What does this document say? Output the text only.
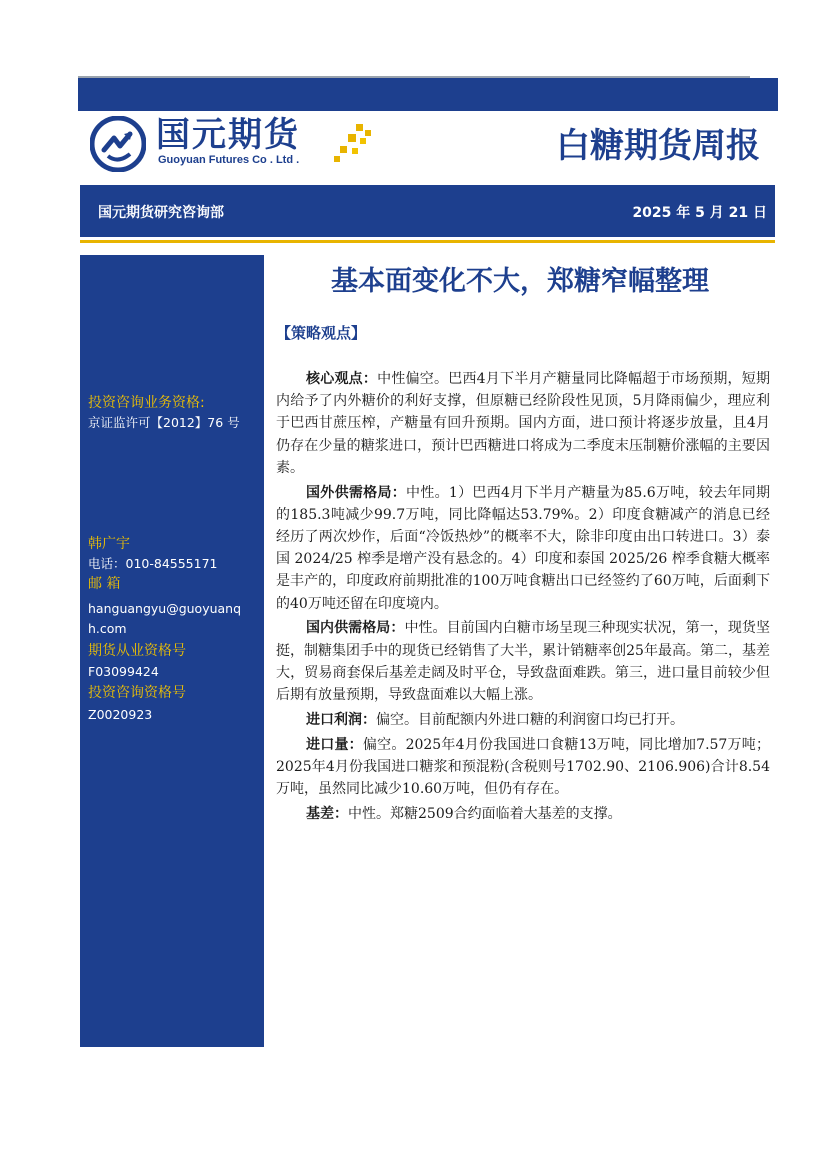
国元期货
Guoyuan Futures Co . Ltd .	白糖期货周报
国元期货研究咨询部	2025 年 5 月 21 日
投资咨询业务资格:
京证监许可【2012】76 号
韩广宇
电话：010-84555171
邮 箱
hanguangyu@guoyuanq
h.com
期货从业资格号
F03099424
投资咨询资格号
Z0020923
基本面变化不大，郑糖窄幅整理
【策略观点】

核心观点：中性偏空。巴西4月下半月产糖量同比降幅超于市场预期，短期内给予了内外糖价的利好支撑，但原糖已经阶段性见顶，5月降雨偏少，理应利于巴西甘蔗压榨，产糖量有回升预期。国内方面，进口预计将逐步放量，且4月仍存在少量的糖浆进口，预计巴西糖进口将成为二季度末压制糖价涨幅的主要因素。

国外供需格局：中性。1）巴西4月下半月产糖量为85.6万吨，较去年同期的185.3吨减少99.7万吨，同比降幅达53.79%。2）印度食糖减产的消息已经经历了两次炒作，后面“冷饭热炒”的概率不大，除非印度由出口转进口。3）泰国 2024/25 榨季是增产没有悬念的。4）印度和泰国 2025/26 榨季食糖大概率是丰产的，印度政府前期批准的100万吨食糖出口已经签约了60万吨，后面剩下的40万吨还留在印度境内。

国内供需格局：中性。目前国内白糖市场呈现三种现实状况，第一，现货坚挺，制糖集团手中的现货已经销售了大半，累计销糖率创25年最高。第二，基差大，贸易商套保后基差走阔及时平仓，导致盘面难跌。第三，进口量目前较少但后期有放量预期，导致盘面难以大幅上涨。

进口利润：偏空。目前配额内外进口糖的利润窗口均已打开。

进口量：偏空。2025年4月份我国进口食糖13万吨，同比增加7.57万吨；2025年4月份我国进口糖浆和预混粉(含税则号1702.90、2106.906)合计8.54万吨，虽然同比减少10.60万吨，但仍有存在。

基差：中性。郑糖2509合约面临着大基差的支撑。
